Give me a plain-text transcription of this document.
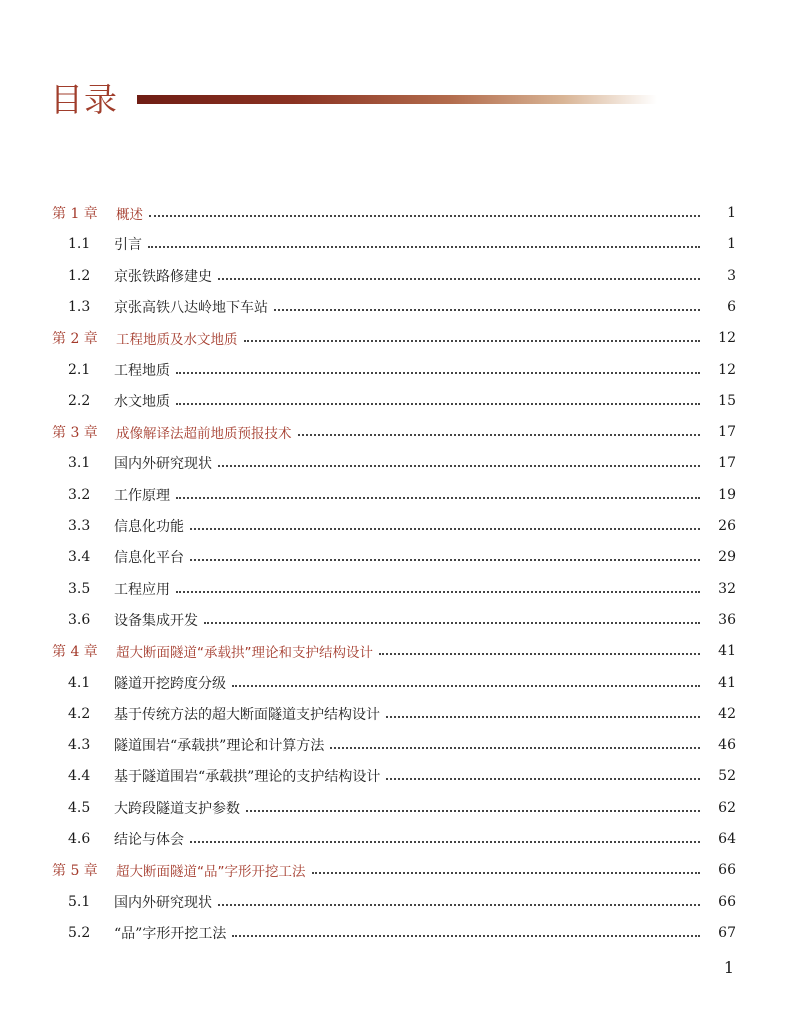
目录
第 1 章	概述	1
1.1	引言	1
1.2	京张铁路修建史	3
1.3	京张高铁八达岭地下车站	6
第 2 章	工程地质及水文地质	12
2.1	工程地质	12
2.2	水文地质	15
第 3 章	成像解译法超前地质预报技术	17
3.1	国内外研究现状	17
3.2	工作原理	19
3.3	信息化功能	26
3.4	信息化平台	29
3.5	工程应用	32
3.6	设备集成开发	36
第 4 章	超大断面隧道“承载拱”理论和支护结构设计	41
4.1	隧道开挖跨度分级	41
4.2	基于传统方法的超大断面隧道支护结构设计	42
4.3	隧道围岩“承载拱”理论和计算方法	46
4.4	基于隧道围岩“承载拱”理论的支护结构设计	52
4.5	大跨段隧道支护参数	62
4.6	结论与体会	64
第 5 章	超大断面隧道“品”字形开挖工法	66
5.1	国内外研究现状	66
5.2	“品”字形开挖工法	67
1
